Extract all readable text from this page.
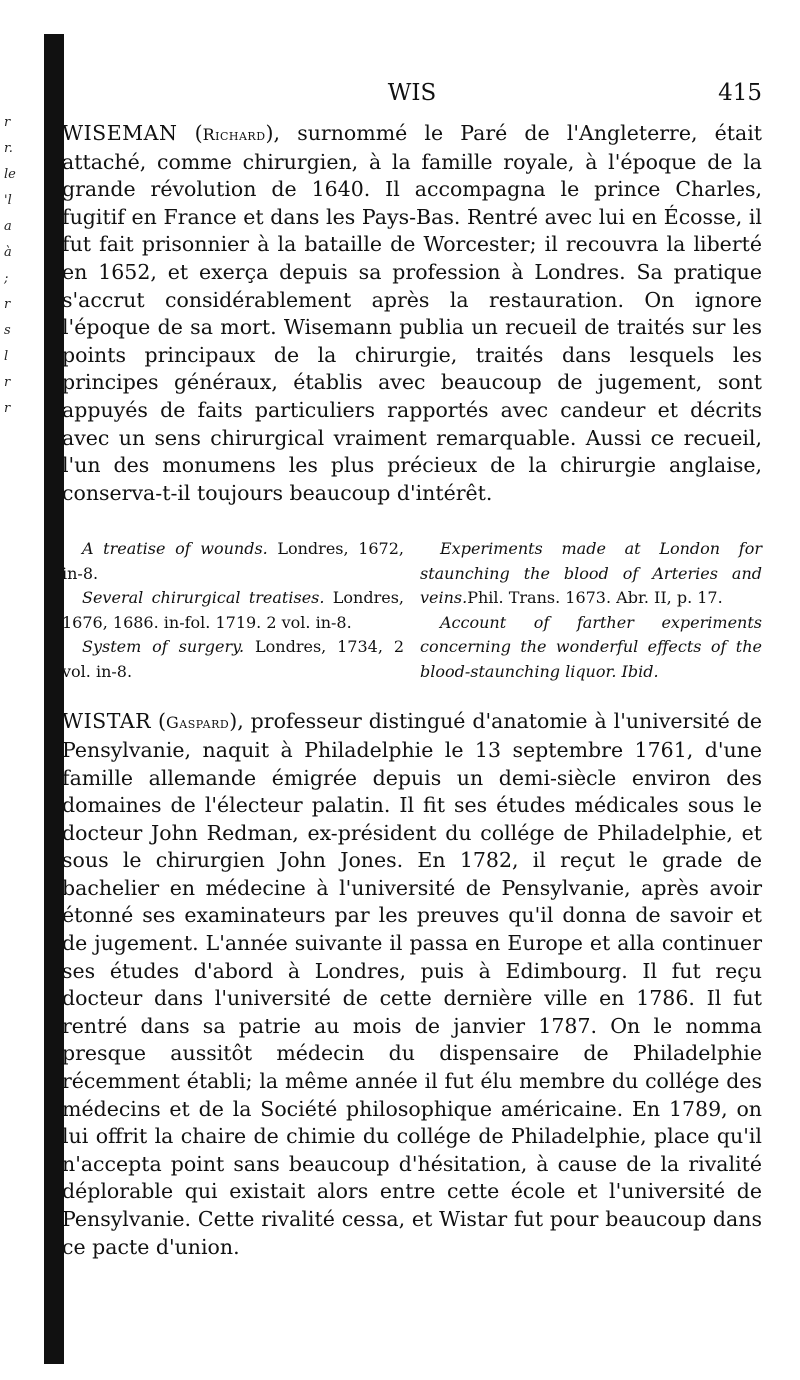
r
r.
le
'l
a
à
;
r
s
l
r
r
WIS	415

WISEMAN (Richard), surnommé le Paré de l'Angleterre, était attaché, comme chirurgien, à la famille royale, à l'époque de la grande révolution de 1640. Il accompagna le prince Charles, fugitif en France et dans les Pays-Bas. Rentré avec lui en Écosse, il fut fait prisonnier à la bataille de Worcester; il recouvra la liberté en 1652, et exerça depuis sa profession à Londres. Sa pratique s'accrut considérablement après la restauration. On ignore l'époque de sa mort. Wisemann publia un recueil de traités sur les points principaux de la chirurgie, traités dans lesquels les principes généraux, établis avec beaucoup de jugement, sont appuyés de faits particuliers rapportés avec candeur et décrits avec un sens chirurgical vraiment remarquable. Aussi ce recueil, l'un des monumens les plus précieux de la chirurgie anglaise, conserva-t-il toujours beaucoup d'intérêt.

A treatise of wounds. Londres, 1672, in-8.

Several chirurgical treatises. Londres, 1676, 1686. in-fol. 1719. 2 vol. in-8.

System of surgery. Londres, 1734, 2 vol. in-8.

Experiments made at London for staunching the blood of Arteries and veins.Phil. Trans. 1673. Abr. II, p. 17.

Account of farther experiments concerning the wonderful effects of the blood-staunching liquor. Ibid.

WISTAR (Gaspard), professeur distingué d'anatomie à l'université de Pensylvanie, naquit à Philadelphie le 13 septembre 1761, d'une famille allemande émigrée depuis un demi-siècle environ des domaines de l'électeur palatin. Il fit ses études médicales sous le docteur John Redman, ex-président du collége de Philadelphie, et sous le chirurgien John Jones. En 1782, il reçut le grade de bachelier en médecine à l'université de Pensylvanie, après avoir étonné ses examinateurs par les preuves qu'il donna de savoir et de jugement. L'année suivante il passa en Europe et alla continuer ses études d'abord à Londres, puis à Edimbourg. Il fut reçu docteur dans l'université de cette dernière ville en 1786. Il fut rentré dans sa patrie au mois de janvier 1787. On le nomma presque aussitôt médecin du dispensaire de Philadelphie récemment établi; la même année il fut élu membre du collége des médecins et de la Société philosophique américaine. En 1789, on lui offrit la chaire de chimie du collége de Philadelphie, place qu'il n'accepta point sans beaucoup d'hésitation, à cause de la rivalité déplorable qui existait alors entre cette école et l'université de Pensylvanie. Cette rivalité cessa, et Wistar fut pour beaucoup dans ce pacte d'union.
